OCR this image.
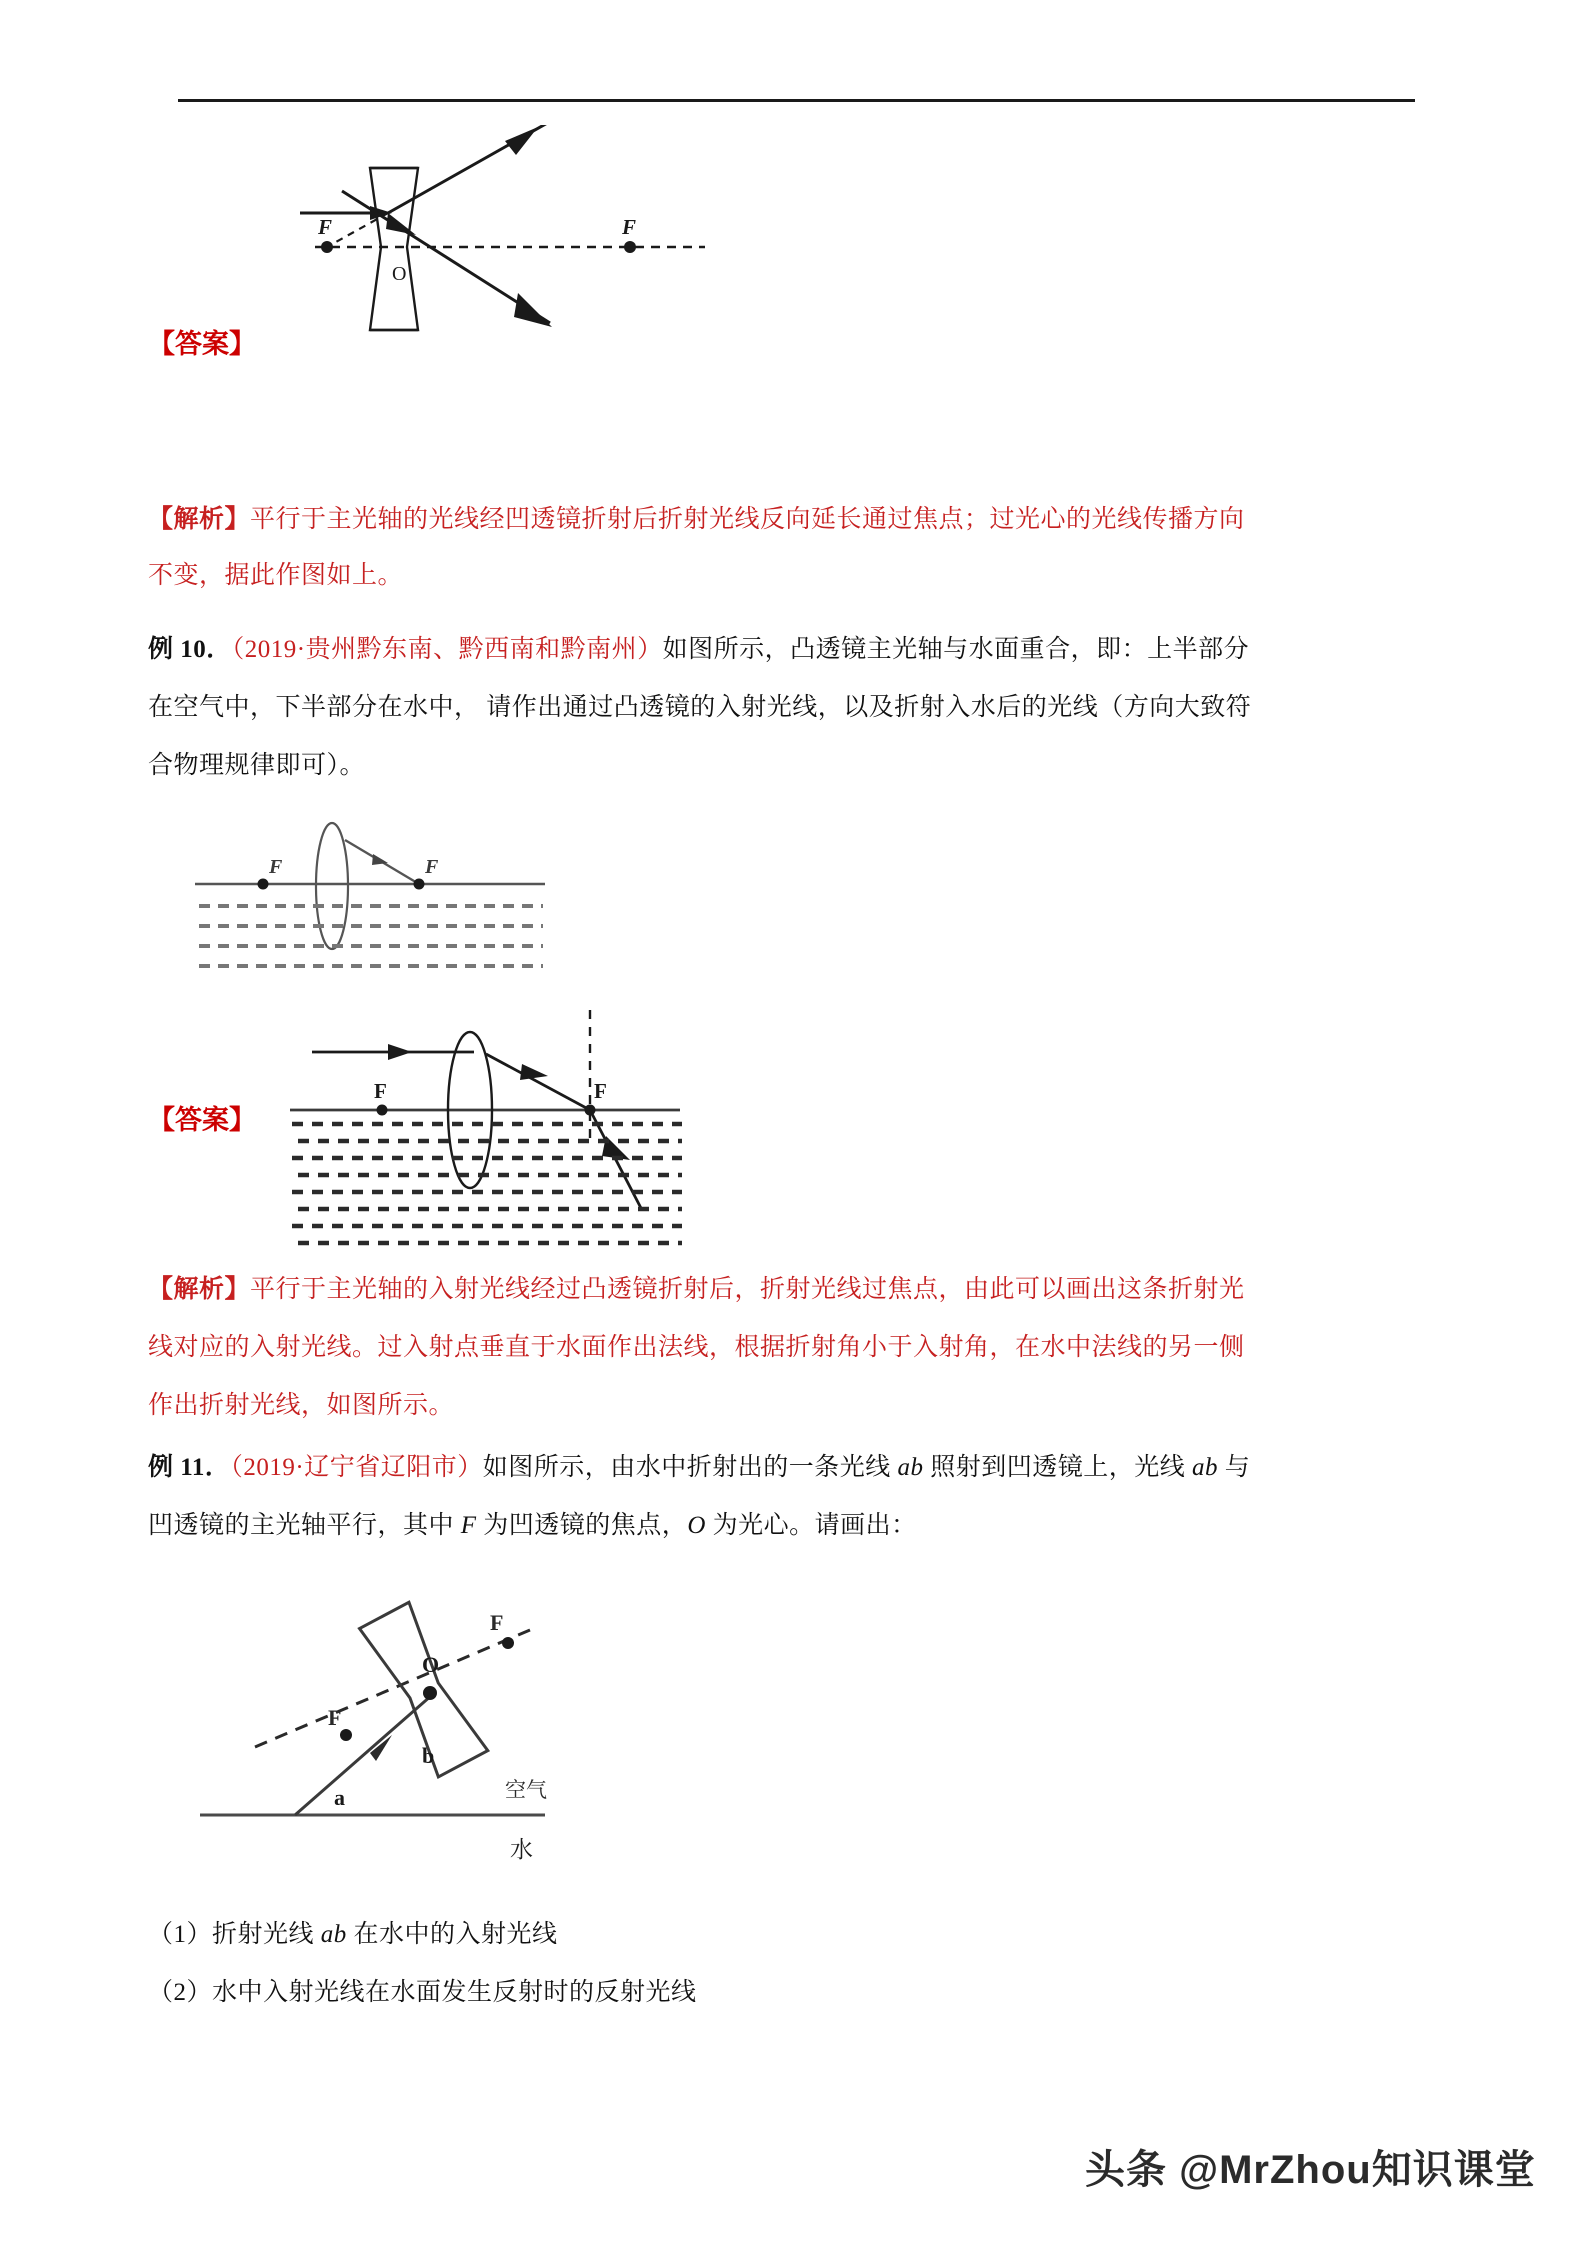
F	F
O
【答案】
【解析】平行于主光轴的光线经凹透镜折射后折射光线反向延长通过焦点；过光心的光线传播方向
不变，据此作图如上。
例 10．（2019·贵州黔东南、黔西南和黔南州）如图所示，凸透镜主光轴与水面重合，即：上半部分
在空气中，下半部分在水中， 请作出通过凸透镜的入射光线，以及折射入水后的光线（方向大致符
合物理规律即可）。
F	F
【答案】
F	F
【解析】平行于主光轴的入射光线经过凸透镜折射后，折射光线过焦点，由此可以画出这条折射光
线对应的入射光线。过入射点垂直于水面作出法线，根据折射角小于入射角，在水中法线的另一侧
作出折射光线，如图所示。
例 11．（2019·辽宁省辽阳市）如图所示，由水中折射出的一条光线 ab 照射到凹透镜上，光线 ab 与
凹透镜的主光轴平行，其中 F 为凹透镜的焦点，O 为光心。请画出：
F
F
O
b
a	空气
水
（1）折射光线 ab 在水中的入射光线
（2）水中入射光线在水面发生反射时的反射光线
头条 @MrZhou知识课堂
